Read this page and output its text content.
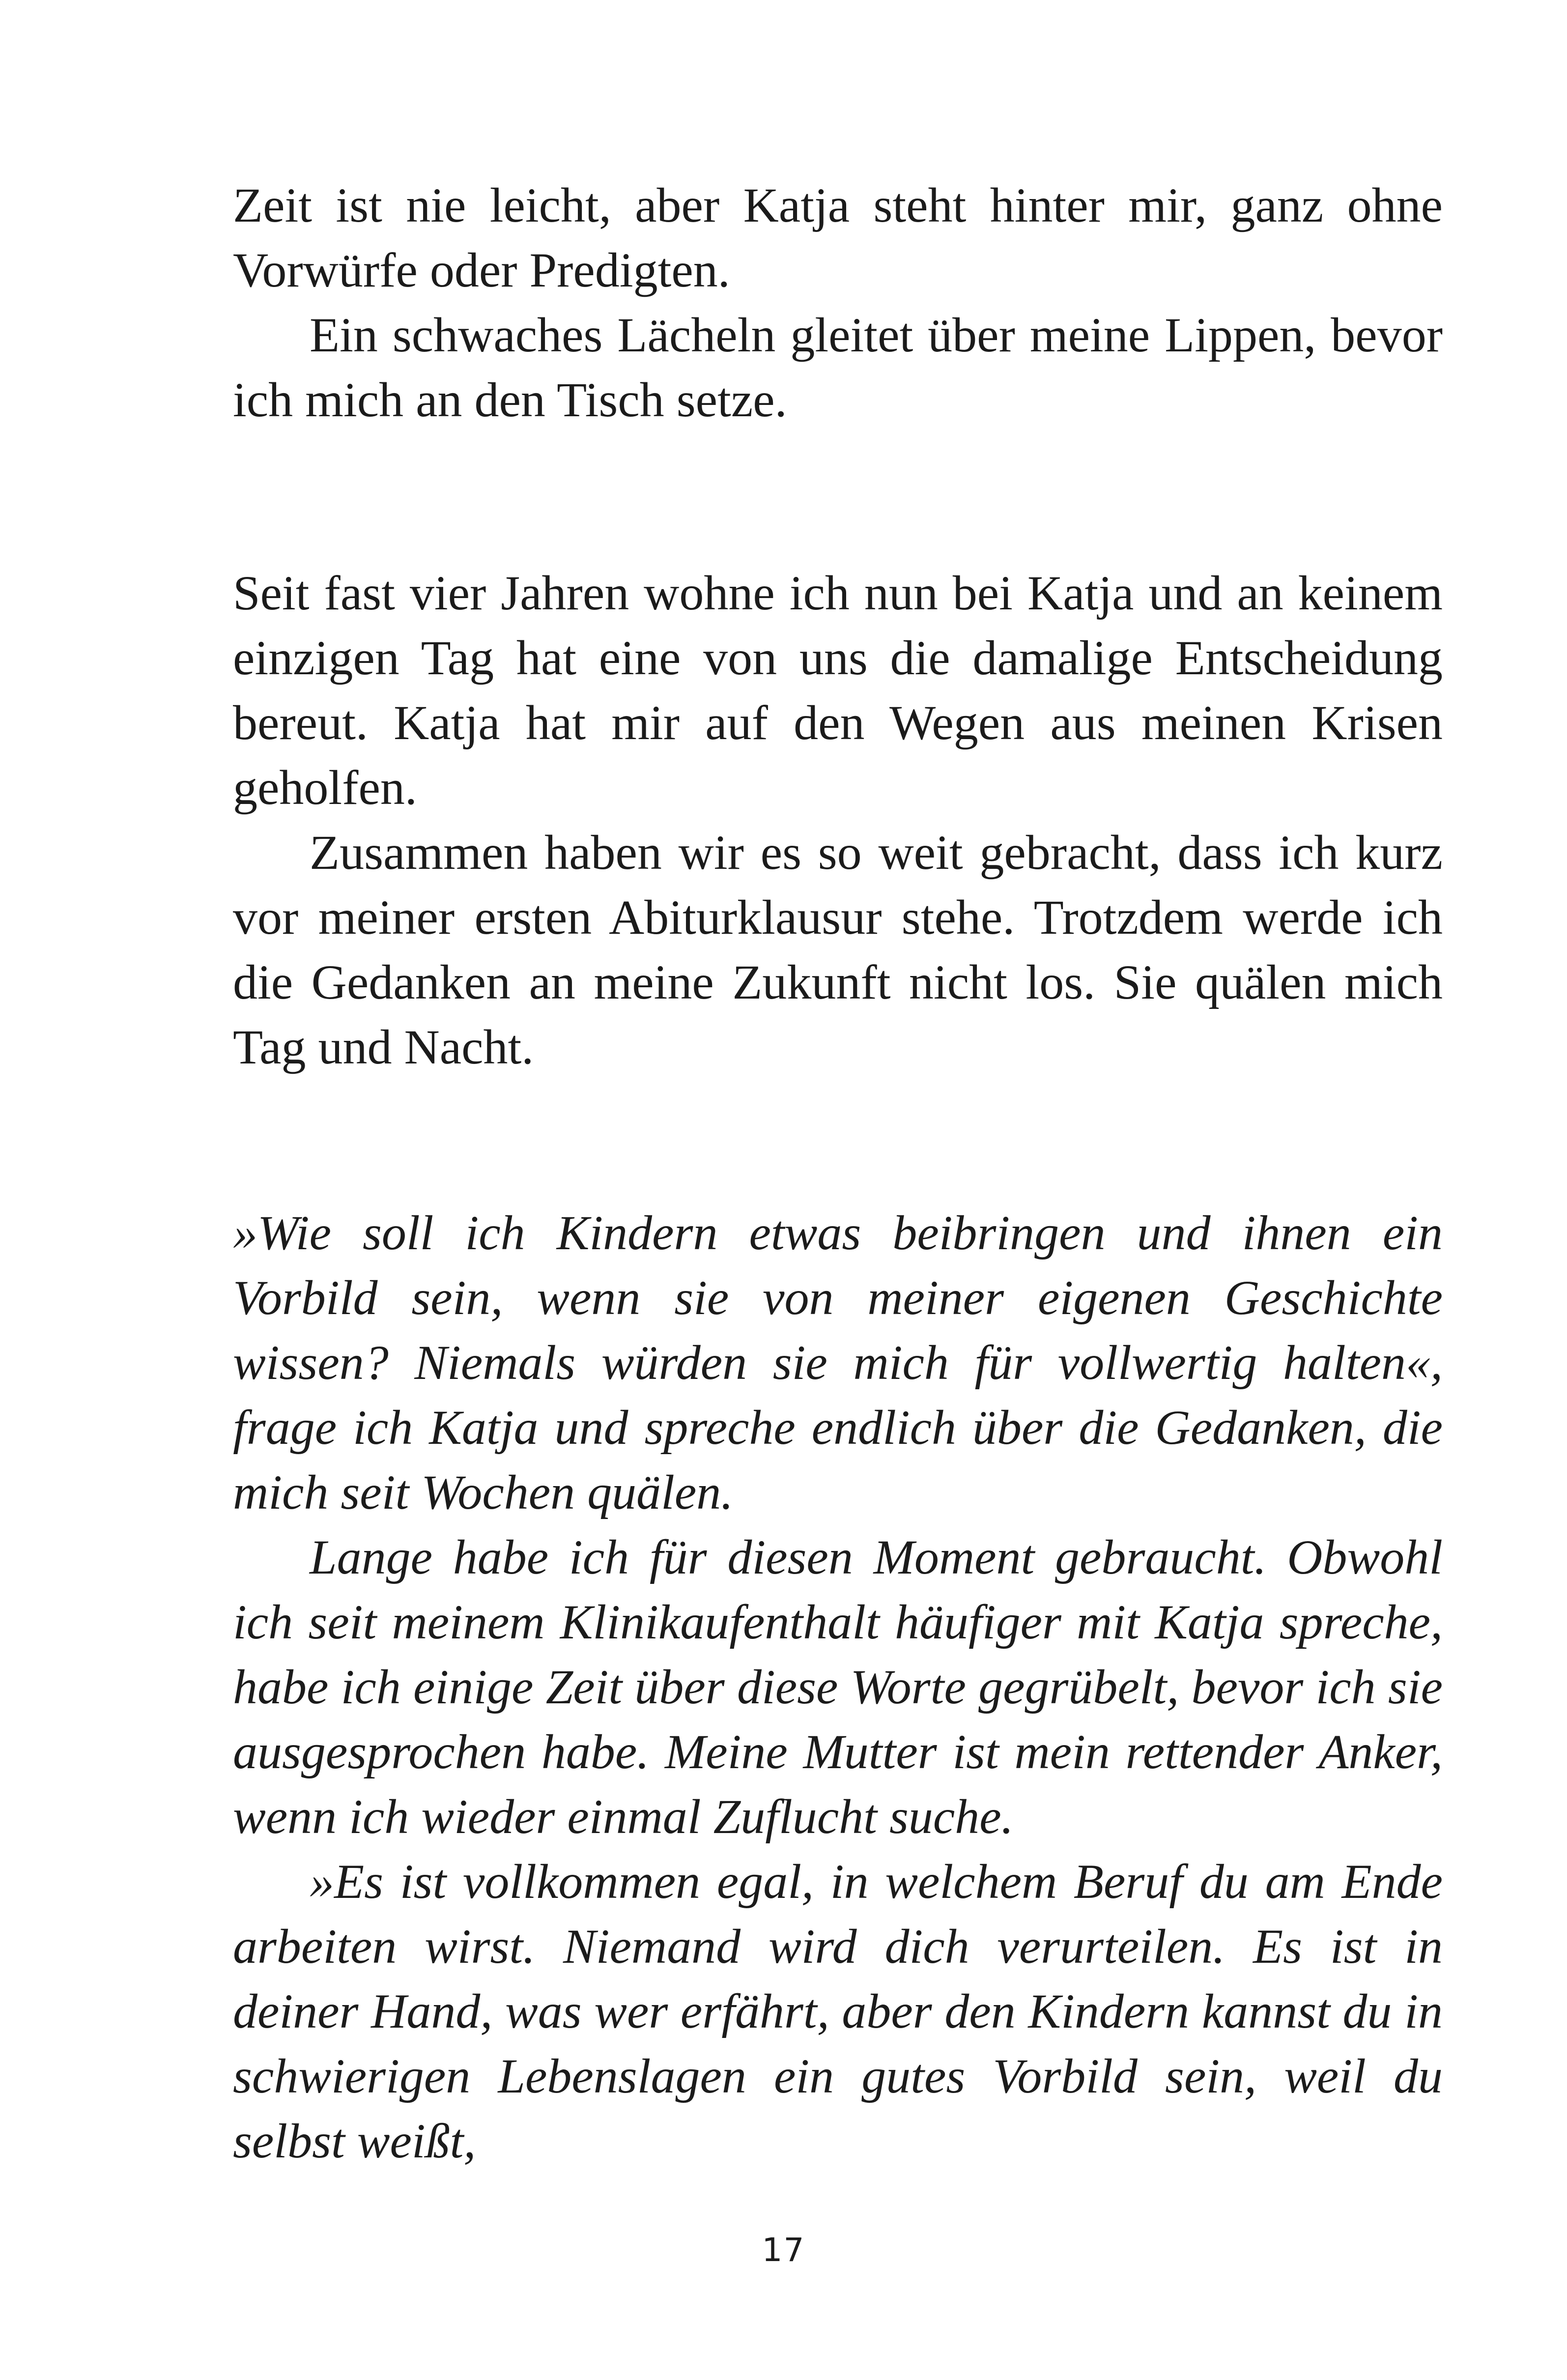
Zeit ist nie leicht, aber Katja steht hinter mir, ganz ohne Vorwürfe oder Predigten.

Ein schwaches Lächeln gleitet über meine Lippen, bevor ich mich an den Tisch setze.

Seit fast vier Jahren wohne ich nun bei Katja und an keinem einzigen Tag hat eine von uns die damalige Entscheidung bereut. Katja hat mir auf den Wegen aus meinen Krisen geholfen.

Zusammen haben wir es so weit gebracht, dass ich kurz vor meiner ersten Abiturklausur stehe. Trotzdem werde ich die Gedanken an meine Zukunft nicht los. Sie quälen mich Tag und Nacht.

»Wie soll ich Kindern etwas beibringen und ihnen ein Vorbild sein, wenn sie von meiner eigenen Geschichte wissen? Niemals würden sie mich für vollwertig halten«, frage ich Katja und spreche endlich über die Gedanken, die mich seit Wochen quälen.

Lange habe ich für diesen Moment gebraucht. Obwohl ich seit meinem Klinikaufenthalt häufiger mit Katja spreche, habe ich einige Zeit über diese Worte gegrübelt, bevor ich sie ausgesprochen habe. Meine Mutter ist mein rettender Anker, wenn ich wieder einmal Zuflucht suche.

»Es ist vollkommen egal, in welchem Beruf du am Ende arbeiten wirst. Niemand wird dich verurteilen. Es ist in deiner Hand, was wer erfährt, aber den Kindern kannst du in schwierigen Lebenslagen ein gutes Vorbild sein, weil du selbst weißt,

17
